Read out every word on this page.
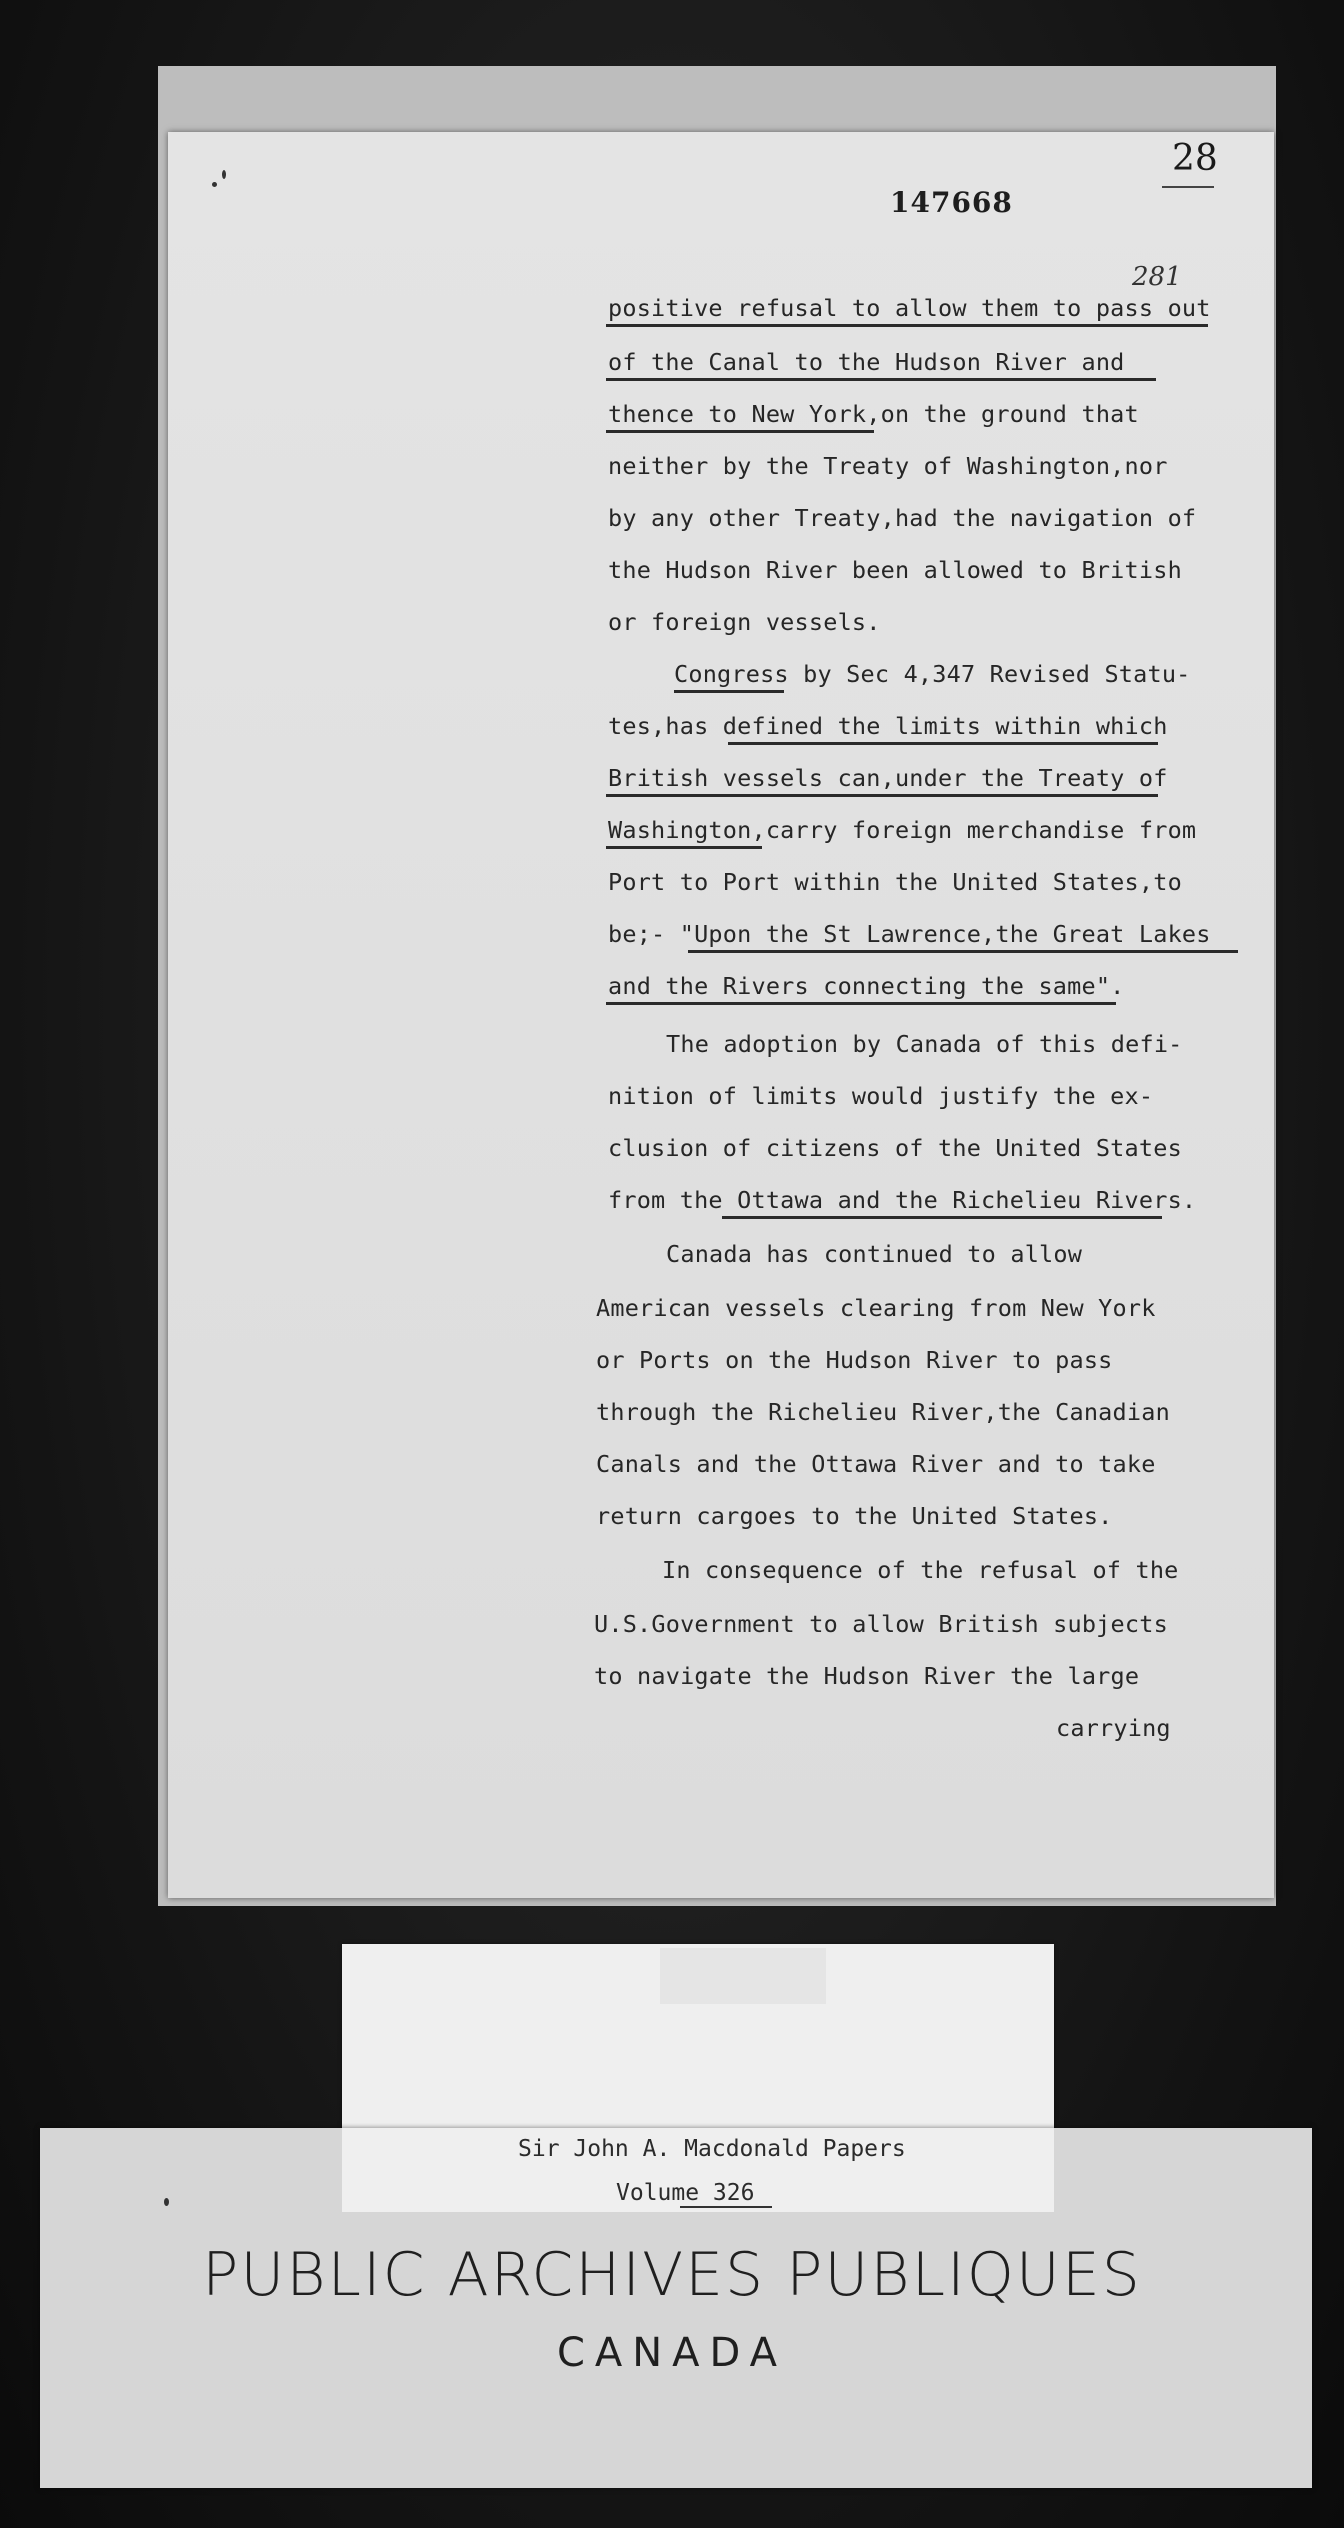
28
147668
281
positive refusal to allow them to pass out
of the Canal to the Hudson River and
thence to New York,on the ground that
neither by the Treaty of Washington,nor
by any other Treaty,had the navigation of
the Hudson River been allowed to British
or foreign vessels.
Congress by Sec 4,347 Revised Statu-
tes,has defined the limits within which
British vessels can,under the Treaty of
Washington,carry foreign merchandise from
Port to Port within the United States,to
be;- "Upon the St Lawrence,the Great Lakes
and the Rivers connecting the same".
The adoption by Canada of this defi-
nition of limits would justify the ex-
clusion of citizens of the United States
from the Ottawa and the Richelieu Rivers.
Canada has continued to allow
American vessels clearing from New York
or Ports on the Hudson River to pass
through the Richelieu River,the Canadian
Canals and the Ottawa River and to take
return cargoes to the United States.
In consequence of the refusal of the
U.S.Government to allow British subjects
to navigate the Hudson River the large
carrying
Sir John A. Macdonald Papers
Volume 326
PUBLIC ARCHIVES PUBLIQUES
CANADA
